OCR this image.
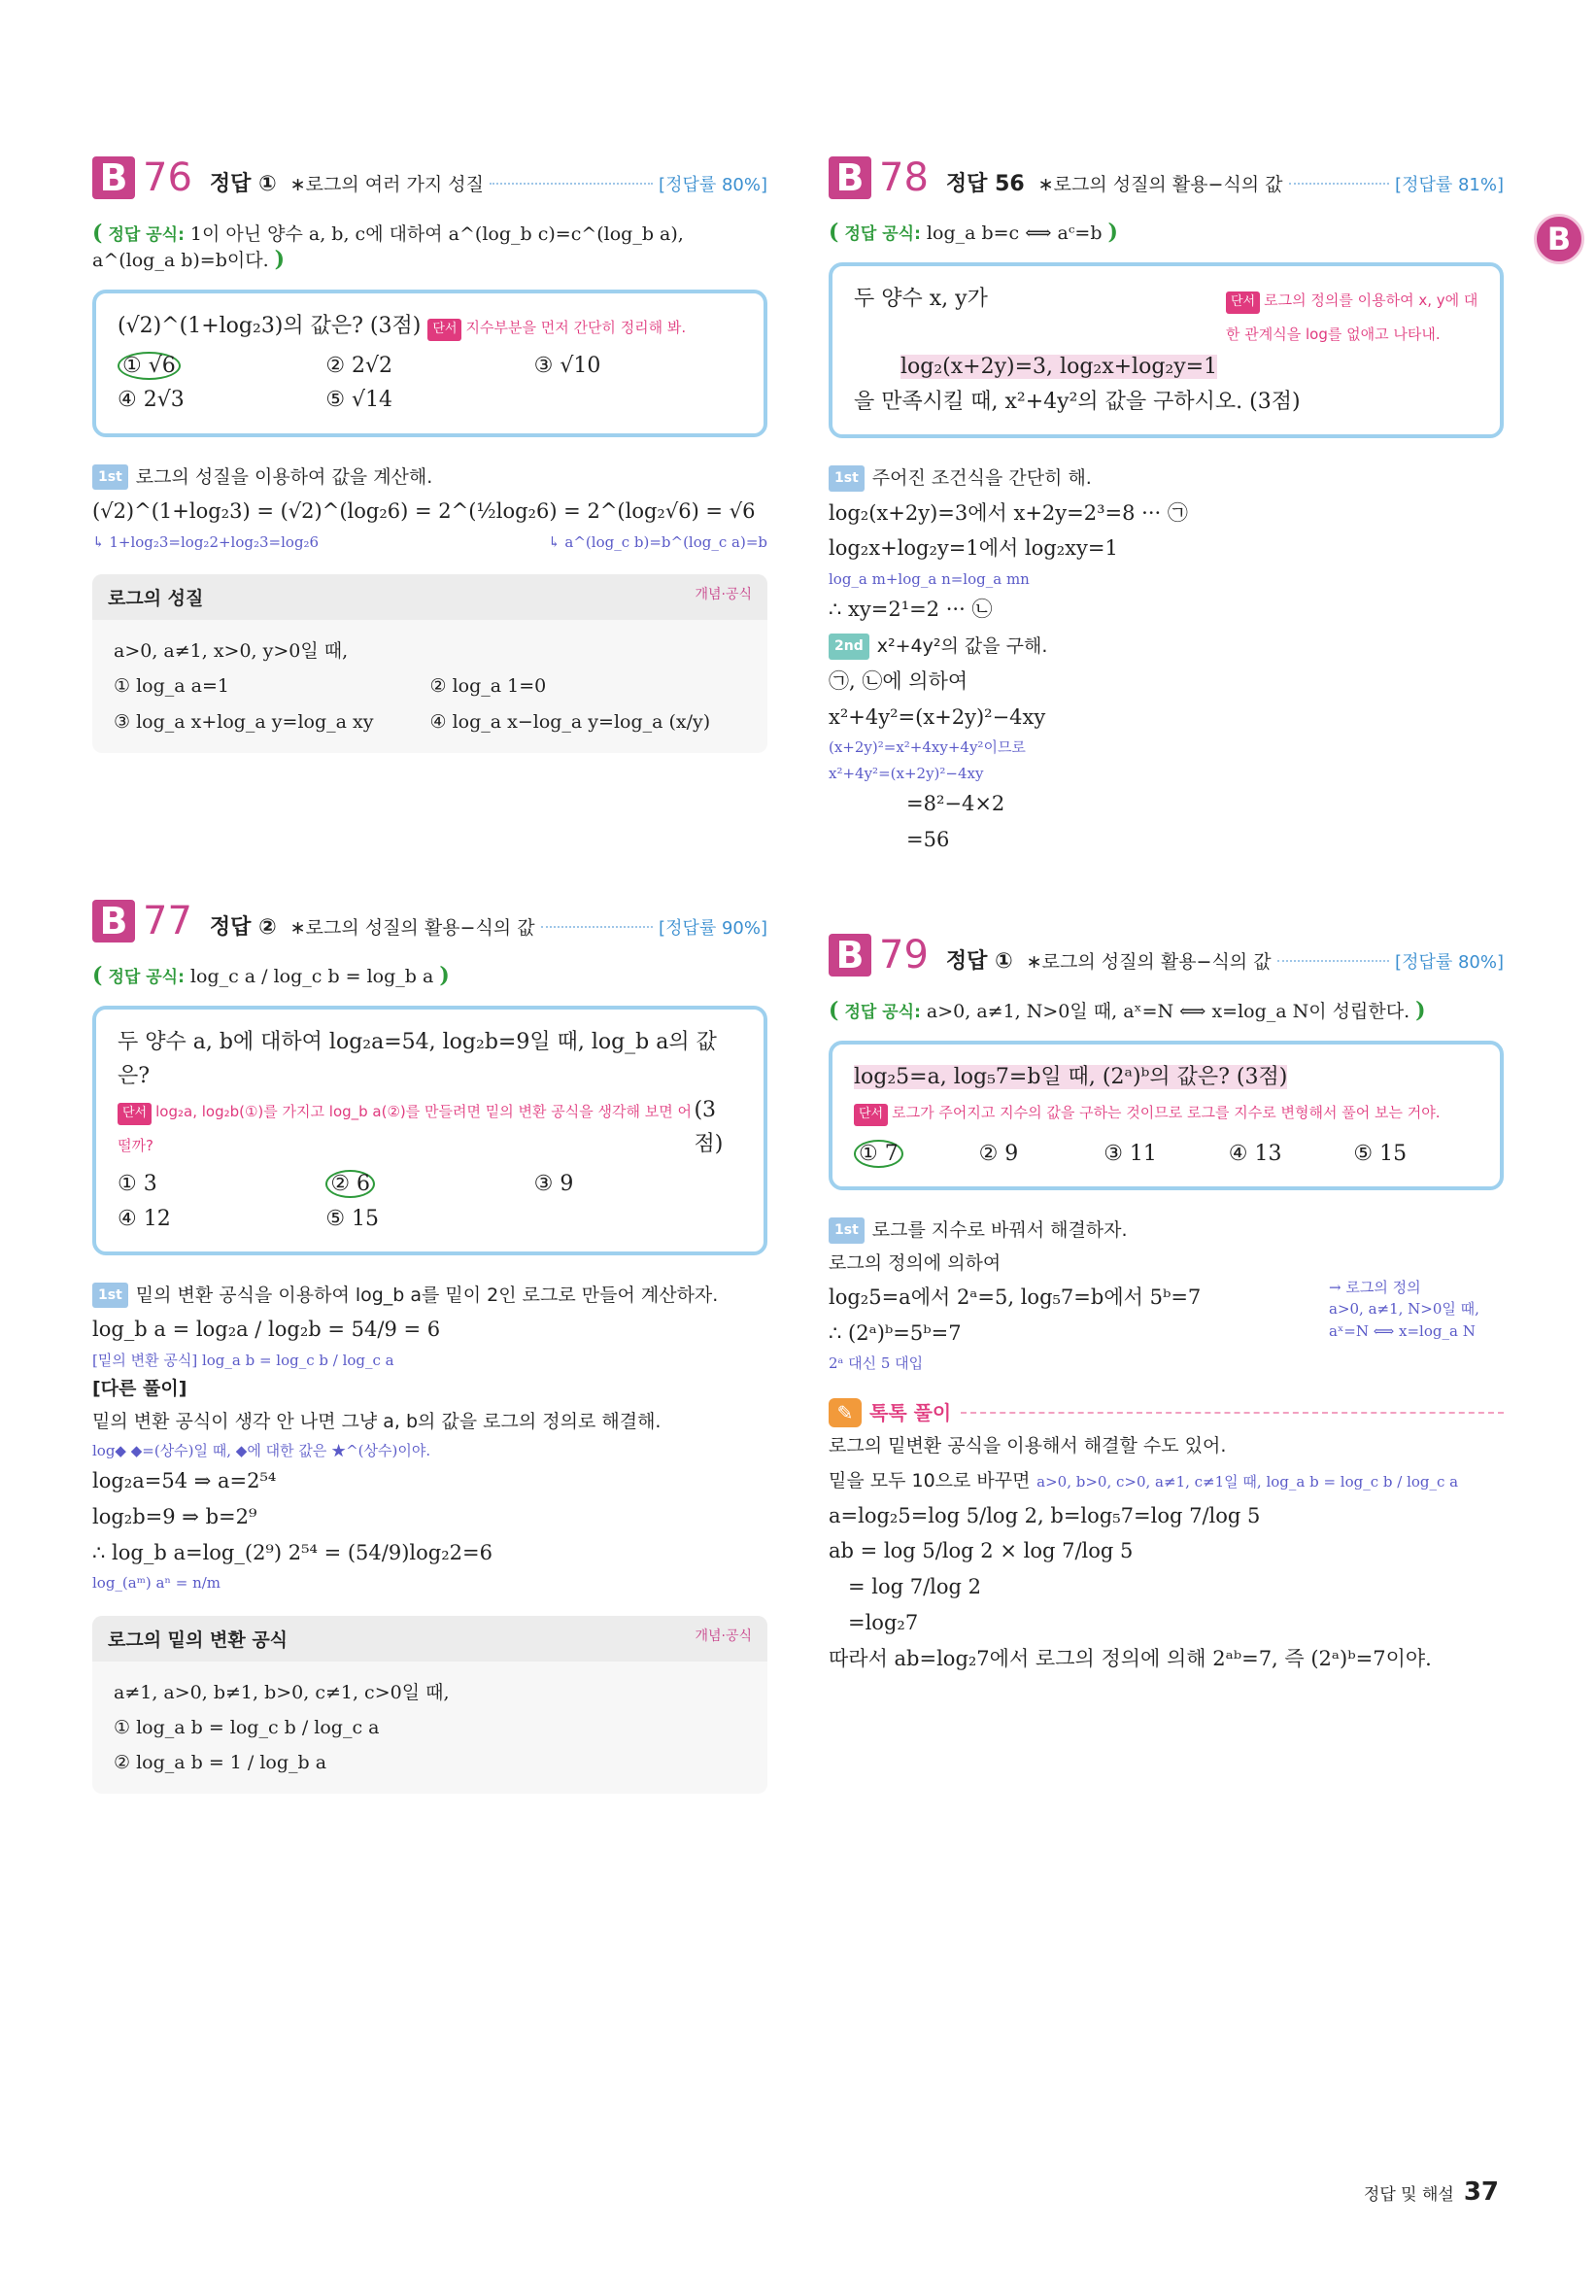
B
B 76 정답 ① ∗로그의 여러 가지 성질	[정답률 80%]
( 정답 공식: 1이 아닌 양수 a, b, c에 대하여 a^(log_b c)=c^(log_b a), a^(log_a b)=b이다. )
(√2)^(1+log₂3)의 값은? (3점) 단서 지수부분을 먼저 간단히 정리해 봐.
① √6	② 2√2	③ √10
④ 2√3	⑤ √14
1st 로그의 성질을 이용하여 값을 계산해.
(√2)^(1+log₂3) = (√2)^(log₂6) = 2^(½log₂6) = 2^(log₂√6) = √6
↳ 1+log₂3=log₂2+log₂3=log₂6	↳ a^(log_c b)=b^(log_c a)=b
로그의 성질	개념·공식
a>0, a≠1, x>0, y>0일 때,
① log_a a=1	② log_a 1=0
③ log_a x+log_a y=log_a xy	④ log_a x−log_a y=log_a (x/y)
B 77 정답 ② ∗로그의 성질의 활용−식의 값	[정답률 90%]
( 정답 공식: log_c a / log_c b = log_b a )
두 양수 a, b에 대하여 log₂a=54, log₂b=9일 때, log_b a의 값은?
단서 log₂a, log₂b(①)를 가지고 log_b a(②)를 만들려면 밑의 변환 공식을 생각해 보면 어떨까?
(3점)
① 3	② 6	③ 9
④ 12	⑤ 15
1st 밑의 변환 공식을 이용하여 log_b a를 밑이 2인 로그로 만들어 계산하자.
log_b a = log₂a / log₂b = 54/9 = 6
[밑의 변환 공식] log_a b = log_c b / log_c a
[다른 풀이]
밑의 변환 공식이 생각 안 나면 그냥 a, b의 값을 로그의 정의로 해결해.
log◆ ◆=(상수)일 때, ◆에 대한 값은 ★^(상수)이야.
log₂a=54 ⇒ a=2⁵⁴
log₂b=9 ⇒ b=2⁹
∴ log_b a=log_(2⁹) 2⁵⁴ = (54/9)log₂2=6
log_(aᵐ) aⁿ = n/m
로그의 밑의 변환 공식	개념·공식
a≠1, a>0, b≠1, b>0, c≠1, c>0일 때,
① log_a b = log_c b / log_c a
② log_a b = 1 / log_b a
B 78 정답 56 ∗로그의 성질의 활용−식의 값	[정답률 81%]
( 정답 공식: log_a b=c ⟺ aᶜ=b )
두 양수 x, y가	단서 로그의 정의를 이용하여 x, y에 대한 관계식을 log를 없애고 나타내.
log₂(x+2y)=3, log₂x+log₂y=1
을 만족시킬 때, x²+4y²의 값을 구하시오. (3점)
1st 주어진 조건식을 간단히 해.
log₂(x+2y)=3에서 x+2y=2³=8 ··· ㉠
log₂x+log₂y=1에서 log₂xy=1
log_a m+log_a n=log_a mn
∴ xy=2¹=2 ··· ㉡
2nd x²+4y²의 값을 구해.
㉠, ㉡에 의하여
x²+4y²=(x+2y)²−4xy
(x+2y)²=x²+4xy+4y²이므로
x²+4y²=(x+2y)²−4xy
=8²−4×2
=56
B 79 정답 ① ∗로그의 성질의 활용−식의 값	[정답률 80%]
( 정답 공식: a>0, a≠1, N>0일 때, aˣ=N ⟺ x=log_a N이 성립한다. )
log₂5=a, log₅7=b일 때, (2ᵃ)ᵇ의 값은? (3점)
단서 로그가 주어지고 지수의 값을 구하는 것이므로 로그를 지수로 변형해서 풀어 보는 거야.
① 7	② 9	③ 11	④ 13	⑤ 15
1st 로그를 지수로 바꿔서 해결하자.
로그의 정의에 의하여
log₂5=a에서 2ᵃ=5, log₅7=b에서 5ᵇ=7
∴ (2ᵃ)ᵇ=5ᵇ=7
2ᵃ 대신 5 대입
→ 로그의 정의
a>0, a≠1, N>0일 때,
aˣ=N ⟺ x=log_a N
✎ 톡톡 풀이
로그의 밑변환 공식을 이용해서 해결할 수도 있어.
밑을 모두 10으로 바꾸면 a>0, b>0, c>0, a≠1, c≠1일 때, log_a b = log_c b / log_c a
a=log₂5=log 5/log 2, b=log₅7=log 7/log 5
ab = log 5/log 2 × log 7/log 5
= log 7/log 2
=log₂7
따라서 ab=log₂7에서 로그의 정의에 의해 2ᵃᵇ=7, 즉 (2ᵃ)ᵇ=7이야.
정답 및 해설 37
